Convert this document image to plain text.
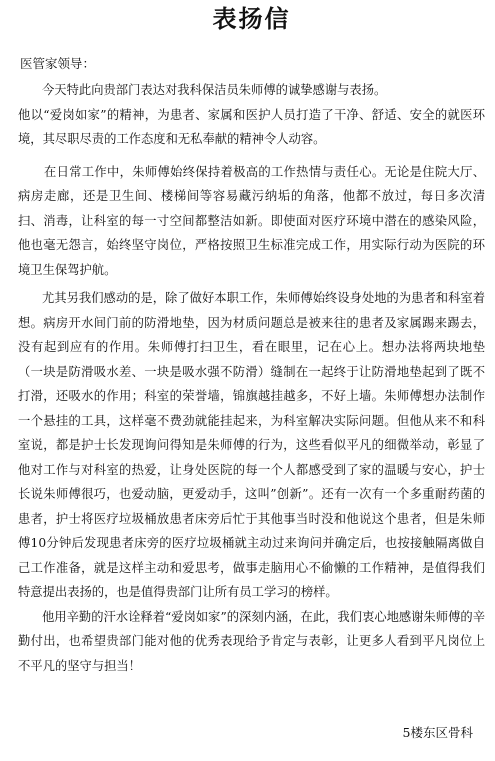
表扬信
医管家领导：

今天特此向贵部门表达对我科保洁员朱师傅的诚挚感谢与表扬。

他以“爱岗如家”的精神，为患者、家属和医护人员打造了干净、舒适、安全的就医环境，其尽职尽责的工作态度和无私奉献的精神令人动容。

在日常工作中，朱师傅始终保持着极高的工作热情与责任心。无论是住院大厅、病房走廊，还是卫生间、楼梯间等容易藏污纳垢的角落，他都不放过，每日多次清扫、消毒，让科室的每一寸空间都整洁如新。即使面对医疗环境中潜在的感染风险，他也毫无怨言，始终坚守岗位，严格按照卫生标准完成工作，用实际行动为医院的环境卫生保驾护航。

尤其另我们感动的是，除了做好本职工作，朱师傅始终设身处地的为患者和科室着想。病房开水间门前的防滑地垫，因为材质问题总是被来往的患者及家属踢来踢去，没有起到应有的作用。朱师傅打扫卫生，看在眼里，记在心上。想办法将两块地垫（一块是防滑吸水差、一块是吸水强不防滑）缝制在一起终于让防滑地垫起到了既不打滑，还吸水的作用；科室的荣誉墙，锦旗越挂越多，不好上墙。朱师傅想办法制作一个悬挂的工具，这样毫不费劲就能挂起来，为科室解决实际问题。但他从来不和科室说，都是护士长发现询问得知是朱师傅的行为，这些看似平凡的细微举动，彰显了他对工作与对科室的热爱，让身处医院的每一个人都感受到了家的温暖与安心，护士长说朱师傅很巧，也爱动脑，更爱动手，这叫”创新”。还有一次有一个多重耐药菌的患者，护士将医疗垃圾桶放患者床旁后忙于其他事当时没和他说这个患者，但是朱师傅10分钟后发现患者床旁的医疗垃圾桶就主动过来询问并确定后，也按接触隔离做自己工作准备，就是这样主动和爱思考，做事走脑用心不偷懒的工作精神，是值得我们特意提出表扬的，也是值得贵部门让所有员工学习的榜样。

他用辛勤的汗水诠释着“爱岗如家”的深刻内涵，在此，我们衷心地感谢朱师傅的辛勤付出，也希望贵部门能对他的优秀表现给予肯定与表彰，让更多人看到平凡岗位上不平凡的坚守与担当！

5楼东区骨科
